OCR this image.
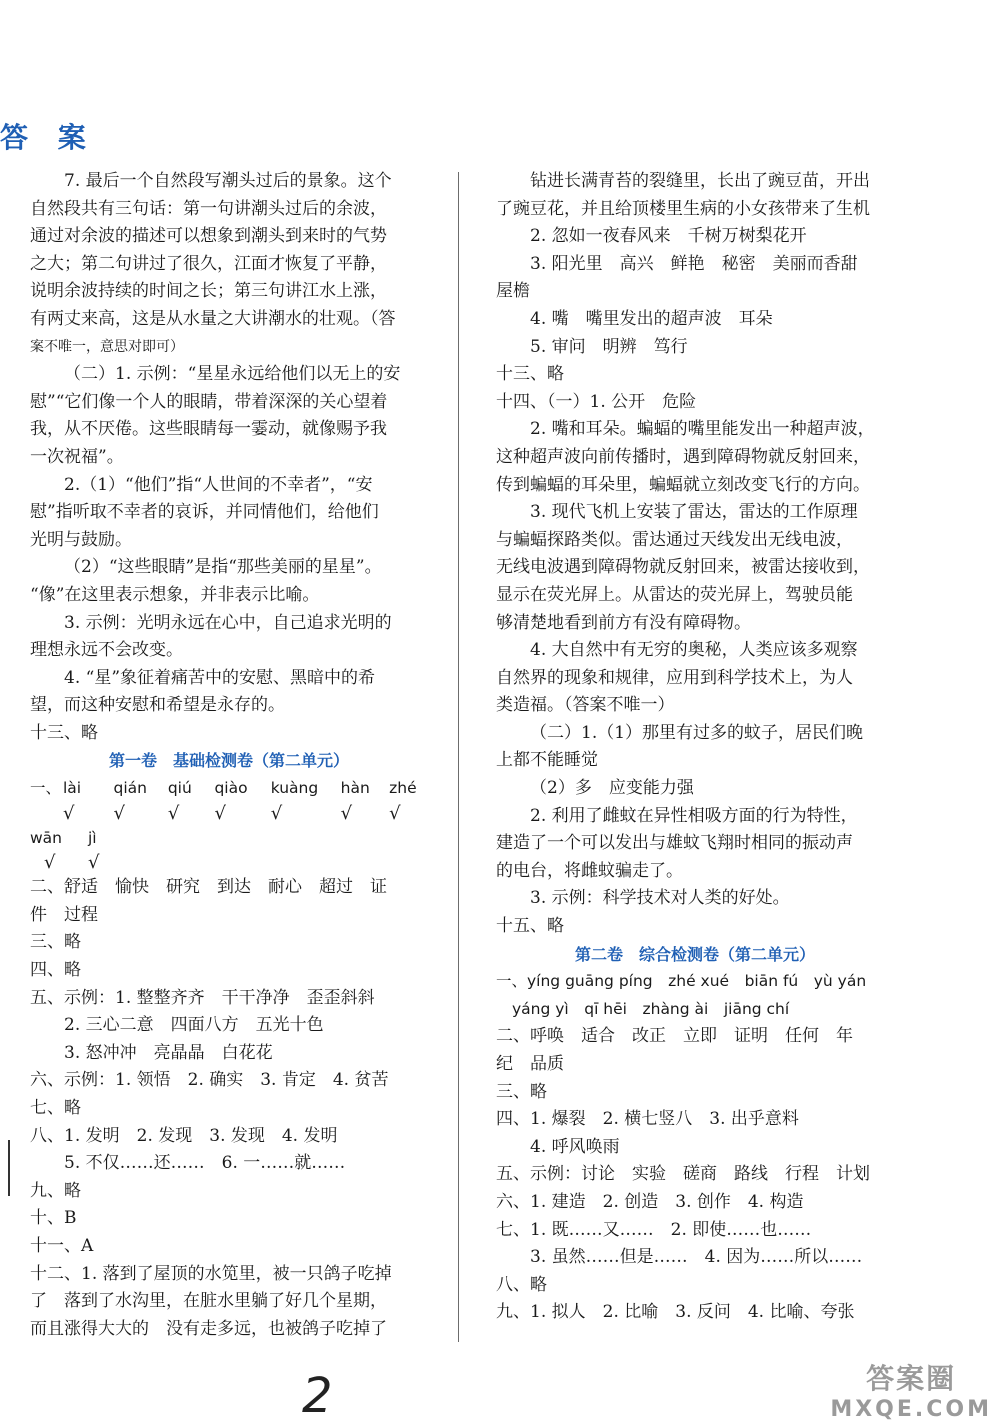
答 案
7. 最后一个自然段写潮头过后的景象。这个
自然段共有三句话：第一句讲潮头过后的余波，
通过对余波的描述可以想象到潮头到来时的气势
之大；第二句讲过了很久，江面才恢复了平静，
说明余波持续的时间之长；第三句讲江水上涨，
有两丈来高，这是从水量之大讲潮水的壮观。（答
案不唯一，意思对即可）
（二）1. 示例：“星星永远给他们以无上的安
慰”“它们像一个人的眼睛，带着深深的关心望着
我，从不厌倦。这些眼睛每一霎动，就像赐予我
一次祝福”。
2.（1）“他们”指“人世间的不幸者”，“安
慰”指听取不幸者的哀诉，并同情他们，给他们
光明与鼓励。
（2）“这些眼睛”是指“那些美丽的星星”。
“像”在这里表示想象，并非表示比喻。
3. 示例：光明永远在心中，自己追求光明的
理想永远不会改变。
4. “星”象征着痛苦中的安慰、黑暗中的希
望，而这种安慰和希望是永存的。
十三、略
第一卷　基础检测卷（第二单元）
一、 lài	qián	qiú	qiào	kuàng	hàn	zhé
√	√	√	√	√	√	√
wān	jì
√	√
二、舒适　愉快　研究　到达　耐心　超过　证
件　过程
三、略
四、略
五、示例：1. 整整齐齐　干干净净　歪歪斜斜
2. 三心二意　四面八方　五光十色
3. 怒冲冲　亮晶晶　白花花
六、示例：1. 领悟　2. 确实　3. 肯定　4. 贫苦
七、略
八、1. 发明　2. 发现　3. 发现　4. 发明
5. 不仅……还……　6. 一……就……
九、略
十、B
十一、A
十二、1. 落到了屋顶的水笕里，被一只鸽子吃掉
了　落到了水沟里，在脏水里躺了好几个星期，
而且涨得大大的　没有走多远，也被鸽子吃掉了
钻进长满青苔的裂缝里，长出了豌豆苗，开出
了豌豆花，并且给顶楼里生病的小女孩带来了生机
2. 忽如一夜春风来　千树万树梨花开
3. 阳光里　高兴　鲜艳　秘密　美丽而香甜
屋檐
4. 嘴　嘴里发出的超声波　耳朵
5. 审问　明辨　笃行
十三、略
十四、（一）1. 公开　危险
2. 嘴和耳朵。蝙蝠的嘴里能发出一种超声波，
这种超声波向前传播时，遇到障碍物就反射回来，
传到蝙蝠的耳朵里，蝙蝠就立刻改变飞行的方向。
3. 现代飞机上安装了雷达，雷达的工作原理
与蝙蝠探路类似。雷达通过天线发出无线电波，
无线电波遇到障碍物就反射回来，被雷达接收到，
显示在荧光屏上。从雷达的荧光屏上，驾驶员能
够清楚地看到前方有没有障碍物。
4. 大自然中有无穷的奥秘，人类应该多观察
自然界的现象和规律，应用到科学技术上，为人
类造福。（答案不唯一）
（二）1.（1）那里有过多的蚊子，居民们晚
上都不能睡觉
（2）多　应变能力强
2. 利用了雌蚊在异性相吸方面的行为特性，
建造了一个可以发出与雄蚊飞翔时相同的振动声
的电台，将雌蚊骗走了。
3. 示例：科学技术对人类的好处。
十五、略
第二卷　综合检测卷（第二单元）
一、yíng guāng píng　zhé xué　biān fú　yù yán
yáng yì　qī hēi　zhàng ài　jiāng chí
二、呼唤　适合　改正　立即　证明　任何　年
纪　品质
三、略
四、1. 爆裂　2. 横七竖八　3. 出乎意料
4. 呼风唤雨
五、示例：讨论　实验　磋商　路线　行程　计划
六、1. 建造　2. 创造　3. 创作　4. 构造
七、1. 既……又……　2. 即使……也……
3. 虽然……但是……　4. 因为……所以……
八、略
九、1. 拟人　2. 比喻　3. 反问　4. 比喻、夸张
2	答案圈
MXQE.COM
